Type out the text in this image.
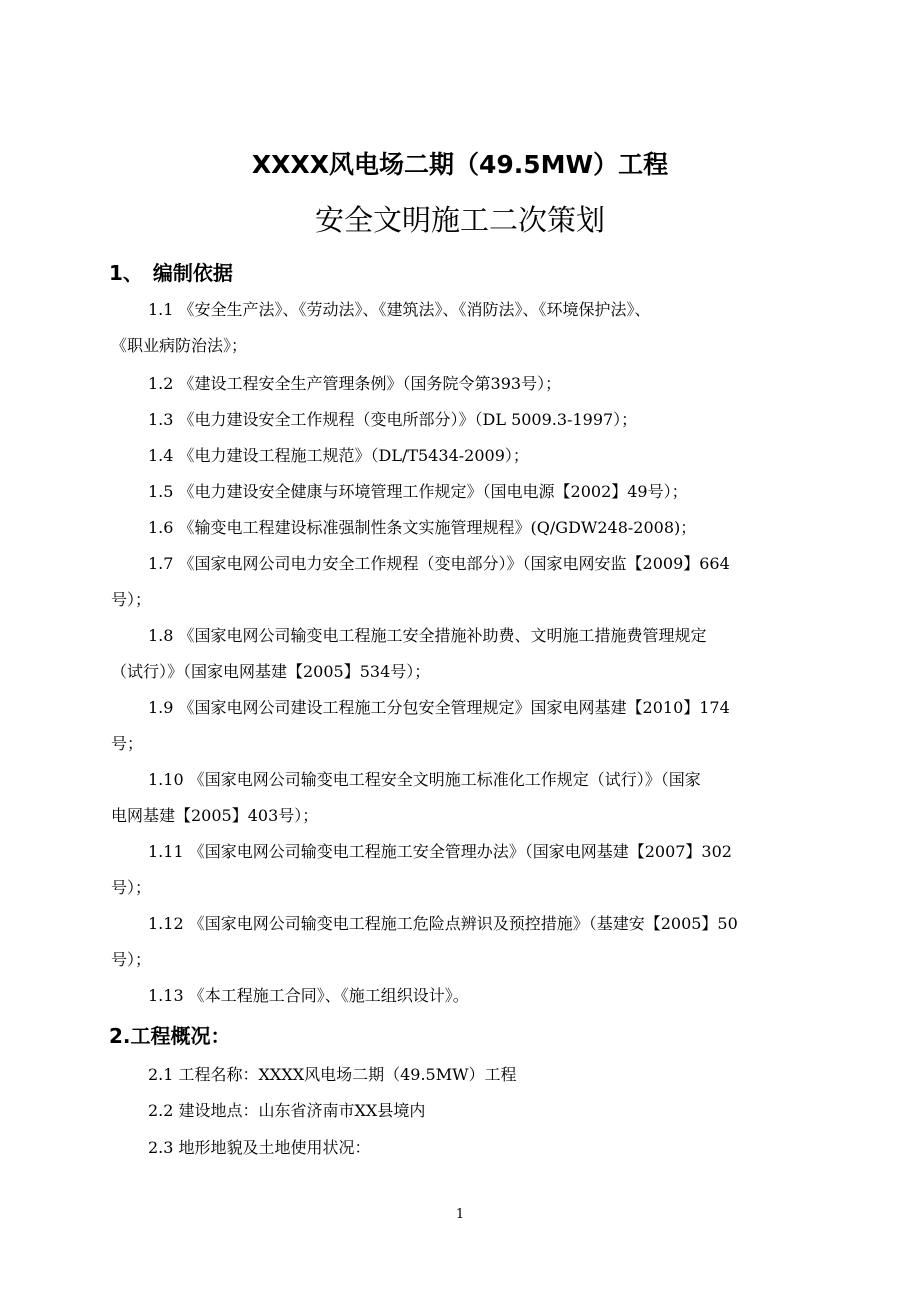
XXXX风电场二期（49.5MW）工程
安全文明施工二次策划
1、　编制依据
1.1 《安全生产法》、《劳动法》、《建筑法》、《消防法》、《环境保护法》、
《职业病防治法》；
1.2 《建设工程安全生产管理条例》（国务院令第393号）；
1.3 《电力建设安全工作规程（变电所部分）》（DL 5009.3-1997）；
1.4 《电力建设工程施工规范》（DL/T5434-2009）；
1.5 《电力建设安全健康与环境管理工作规定》（国电电源【2002】49号）；
1.6 《输变电工程建设标准强制性条文实施管理规程》(Q/GDW248-2008)；
1.7 《国家电网公司电力安全工作规程（变电部分）》（国家电网安监【2009】664
号）；
1.8 《国家电网公司输变电工程施工安全措施补助费、文明施工措施费管理规定
（试行）》（国家电网基建【2005】534号）；
1.9 《国家电网公司建设工程施工分包安全管理规定》国家电网基建【2010】174
号；
1.10 《国家电网公司输变电工程安全文明施工标准化工作规定（试行）》（国家
电网基建【2005】403号）；
1.11 《国家电网公司输变电工程施工安全管理办法》（国家电网基建【2007】302
号）；
1.12 《国家电网公司输变电工程施工危险点辨识及预控措施》（基建安【2005】50
号）；
1.13 《本工程施工合同》、《施工组织设计》。
2.工程概况：
2.1 工程名称：XXXX风电场二期（49.5MW）工程
2.2 建设地点：山东省济南市XX县境内
2.3 地形地貌及土地使用状况：
1
